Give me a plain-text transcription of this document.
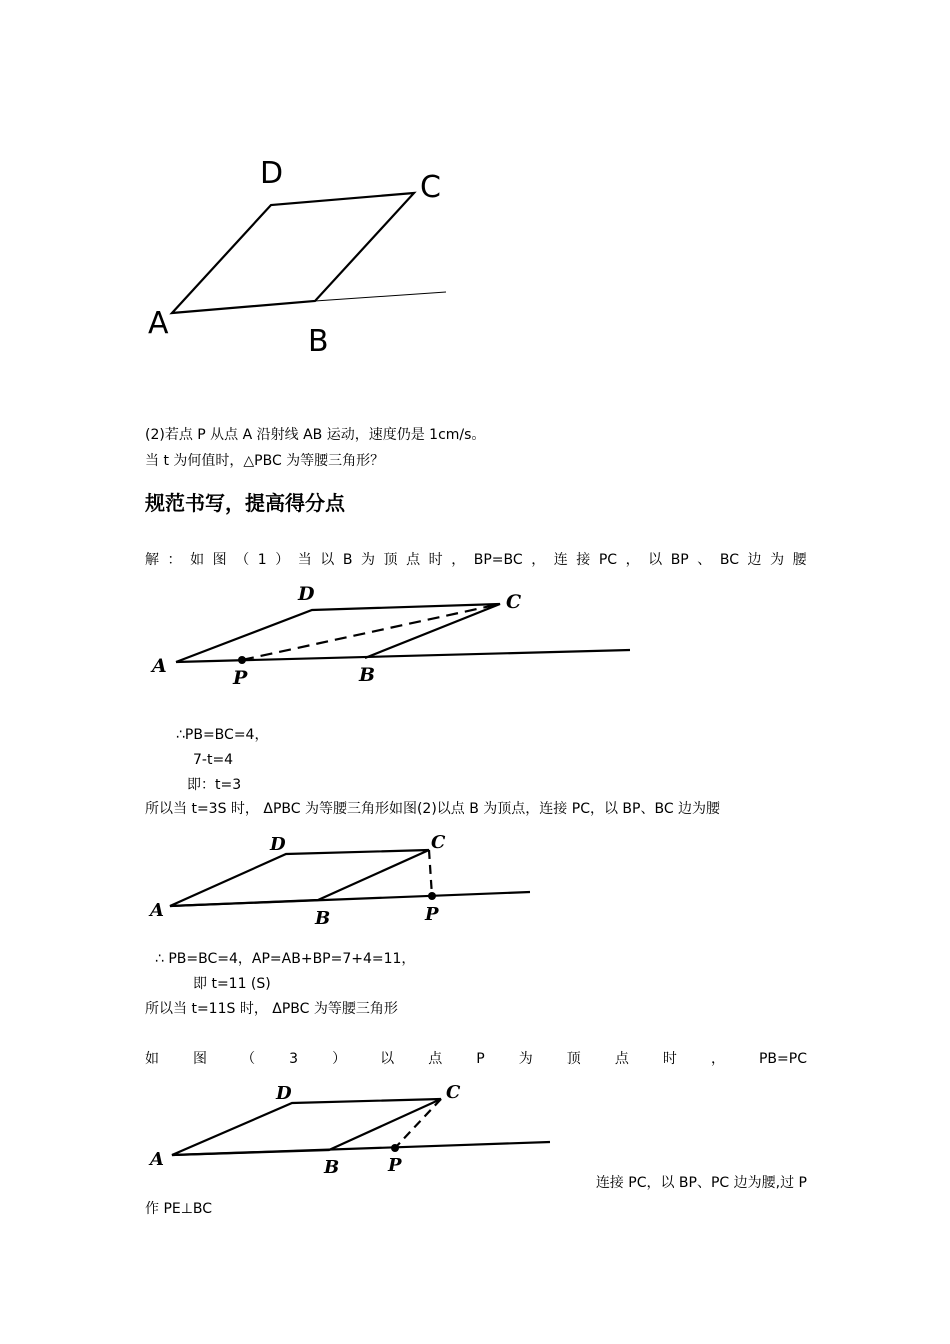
A
D	C
B
(2)若点 P 从点 A 沿射线 AB 运动，速度仍是 1cm/s。
当 t 为何值时，△PBC 为等腰三角形？
规范书写，提高得分点
解 ： 如 图 （ 1 ） 当 以 B 为 顶 点 时 ， BP=BC ， 连 接 PC ， 以 BP 、 BC 边 为 腰
A
P	B
D	C
∴PB=BC=4，
7-t=4
即：t=3
所以当 t=3S 时， ΔPBC 为等腰三角形如图(2)以点 B 为顶点，连接 PC，以 BP、BC 边为腰
A	B	P
D	C
∴ PB=BC=4，AP=AB+BP=7+4=11，
即 t=11 (S)
所以当 t=11S 时， ΔPBC 为等腰三角形
如 图 （ 3 ） 以 点 P 为 顶 点 时 ， PB=PC
A	B	P
D	C
连接 PC，以 BP、PC 边为腰,过 P
作 PE⊥BC
